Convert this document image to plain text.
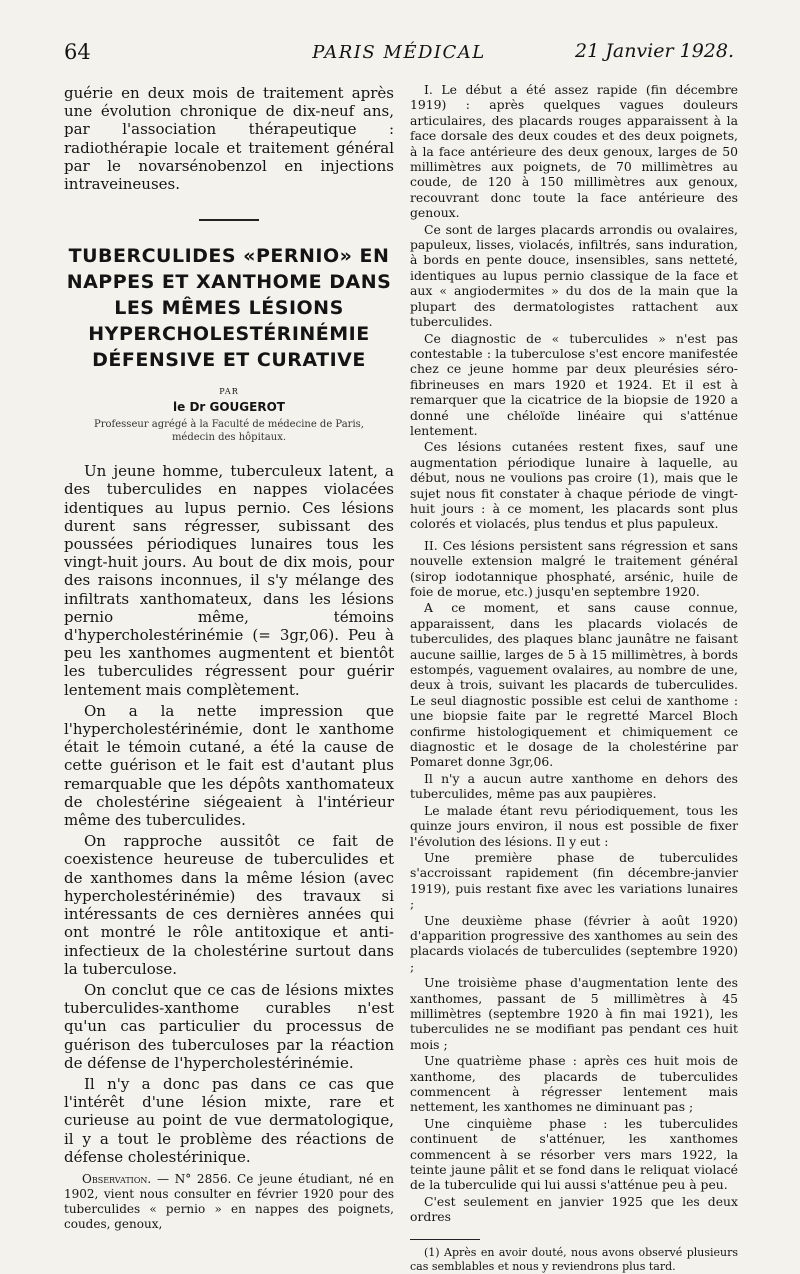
64	PARIS MÉDICAL	21 Janvier 1928.

guérie en deux mois de traitement après une évolution chronique de dix-neuf ans, par l'association thérapeutique : radiothérapie locale et traitement général par le novarsénobenzol en injections intraveineuses.

TUBERCULIDES «PERNIO» EN
NAPPES ET XANTHOME DANS
LES MÊMES LÉSIONS
HYPERCHOLESTÉRINÉMIE
DÉFENSIVE ET CURATIVE
PAR
le Dr GOUGEROT
Professeur agrégé à la Faculté de médecine de Paris, médecin des hôpitaux.

Un jeune homme, tuberculeux latent, a des tuberculides en nappes violacées identiques au lupus pernio. Ces lésions durent sans régresser, subissant des poussées périodiques lunaires tous les vingt-huit jours. Au bout de dix mois, pour des raisons inconnues, il s'y mélange des infiltrats xanthomateux, dans les lésions pernio même, témoins d'hypercholestérinémie (= 3gr,06). Peu à peu les xanthomes augmentent et bientôt les tuberculides régressent pour guérir lentement mais complètement.

On a la nette impression que l'hypercholestérinémie, dont le xanthome était le témoin cutané, a été la cause de cette guérison et le fait est d'autant plus remarquable que les dépôts xanthomateux de cholestérine siégeaient à l'intérieur même des tuberculides.

On rapproche aussitôt ce fait de coexistence heureuse de tuberculides et de xanthomes dans la même lésion (avec hypercholestérinémie) des travaux si intéressants de ces dernières années qui ont montré le rôle antitoxique et anti-infectieux de la cholestérine surtout dans la tuberculose.

On conclut que ce cas de lésions mixtes tuberculides-xanthome curables n'est qu'un cas particulier du processus de guérison des tuberculoses par la réaction de défense de l'hypercholestérinémie.

Il n'y a donc pas dans ce cas que l'intérêt d'une lésion mixte, rare et curieuse au point de vue dermatologique, il y a tout le problème des réactions de défense cholestérinique.

Observation. — N° 2856. Ce jeune étudiant, né en 1902, vient nous consulter en février 1920 pour des tuberculides « pernio » en nappes des poignets, coudes, genoux,

I. Le début a été assez rapide (fin décembre 1919) : après quelques vagues douleurs articulaires, des placards rouges apparaissent à la face dorsale des deux coudes et des deux poignets, à la face antérieure des deux genoux, larges de 50 millimètres aux poignets, de 70 millimètres au coude, de 120 à 150 millimètres aux genoux, recouvrant donc toute la face antérieure des genoux.

Ce sont de larges placards arrondis ou ovalaires, papuleux, lisses, violacés, infiltrés, sans induration, à bords en pente douce, insensibles, sans netteté, identiques au lupus pernio classique de la face et aux « angiodermites » du dos de la main que la plupart des dermatologistes rattachent aux tuberculides.

Ce diagnostic de « tuberculides » n'est pas contestable : la tuberculose s'est encore manifestée chez ce jeune homme par deux pleurésies séro-fibrineuses en mars 1920 et 1924. Et il est à remarquer que la cicatrice de la biopsie de 1920 a donné une chéloïde linéaire qui s'atténue lentement.

Ces lésions cutanées restent fixes, sauf une augmentation périodique lunaire à laquelle, au début, nous ne voulions pas croire (1), mais que le sujet nous fit constater à chaque période de vingt-huit jours : à ce moment, les placards sont plus colorés et violacés, plus tendus et plus papuleux.

II. Ces lésions persistent sans régression et sans nouvelle extension malgré le traitement général (sirop iodotannique phosphaté, arsénic, huile de foie de morue, etc.) jusqu'en septembre 1920.

A ce moment, et sans cause connue, apparaissent, dans les placards violacés de tuberculides, des plaques blanc jaunâtre ne faisant aucune saillie, larges de 5 à 15 millimètres, à bords estompés, vaguement ovalaires, au nombre de une, deux à trois, suivant les placards de tuberculides. Le seul diagnostic possible est celui de xanthome : une biopsie faite par le regretté Marcel Bloch confirme histologiquement et chimiquement ce diagnostic et le dosage de la cholestérine par Pomaret donne 3gr,06.

Il n'y a aucun autre xanthome en dehors des tuberculides, même pas aux paupières.

Le malade étant revu périodiquement, tous les quinze jours environ, il nous est possible de fixer l'évolution des lésions. Il y eut :

Une première phase de tuberculides s'accroissant rapidement (fin décembre-janvier 1919), puis restant fixe avec les variations lunaires ;

Une deuxième phase (février à août 1920) d'apparition progressive des xanthomes au sein des placards violacés de tuberculides (septembre 1920) ;

Une troisième phase d'augmentation lente des xanthomes, passant de 5 millimètres à 45 millimètres (septembre 1920 à fin mai 1921), les tuberculides ne se modifiant pas pendant ces huit mois ;

Une quatrième phase : après ces huit mois de xanthome, des placards de tuberculides commencent à régresser lentement mais nettement, les xanthomes ne diminuant pas ;

Une cinquième phase : les tuberculides continuent de s'atténuer, les xanthomes commencent à se résorber vers mars 1922, la teinte jaune pâlit et se fond dans le reliquat violacé de la tuberculide qui lui aussi s'atténue peu à peu.

C'est seulement en janvier 1925 que les deux ordres

(1) Après en avoir douté, nous avons observé plusieurs cas semblables et nous y reviendrons plus tard.
